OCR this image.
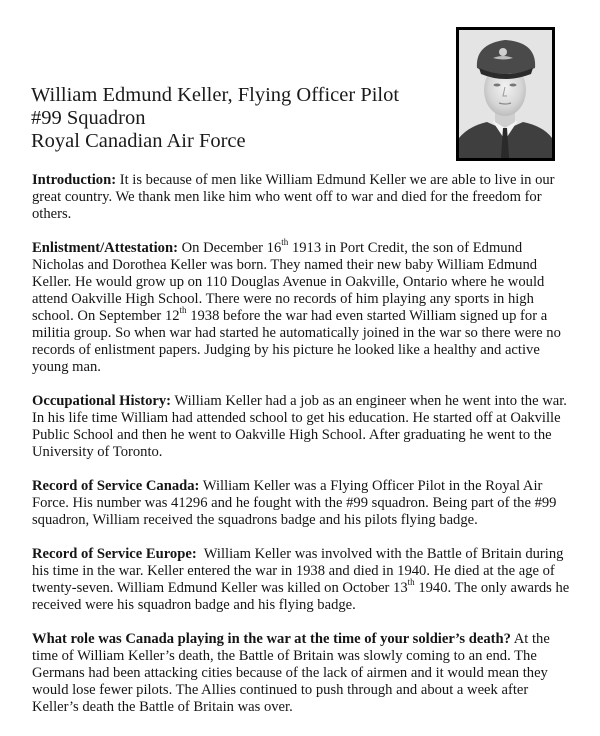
William Edmund Keller, Flying Officer Pilot
#99 Squadron
Royal Canadian Air Force

Introduction: It is because of men like William Edmund Keller we are able to live in our great country. We thank men like him who went off to war and died for the freedom for others.

Enlistment/Attestation: On December 16th 1913 in Port Credit, the son of Edmund Nicholas and Dorothea Keller was born. They named their new baby William Edmund Keller. He would grow up on 110 Douglas Avenue in Oakville, Ontario where he would attend Oakville High School. There were no records of him playing any sports in high school. On September 12th 1938 before the war had even started William signed up for a militia group. So when war had started he automatically joined in the war so there were no records of enlistment papers. Judging by his picture he looked like a healthy and active young man.

Occupational History: William Keller had a job as an engineer when he went into the war. In his life time William had attended school to get his education. He started off at Oakville Public School and then he went to Oakville High School. After graduating he went to the University of Toronto.

Record of Service Canada: William Keller was a Flying Officer Pilot in the Royal Air Force. His number was 41296 and he fought with the #99 squadron. Being part of the #99 squadron, William received the squadrons badge and his pilots flying badge.

Record of Service Europe:  William Keller was involved with the Battle of Britain during his time in the war. Keller entered the war in 1938 and died in 1940. He died at the age of twenty-seven. William Edmund Keller was killed on October 13th 1940. The only awards he received were his squadron badge and his flying badge.

What role was Canada playing in the war at the time of your soldier’s death? At the time of William Keller’s death, the Battle of Britain was slowly coming to an end. The Germans had been attacking cities because of the lack of airmen and it would mean they would lose fewer pilots. The Allies continued to push through and about a week after Keller’s death the Battle of Britain was over.
